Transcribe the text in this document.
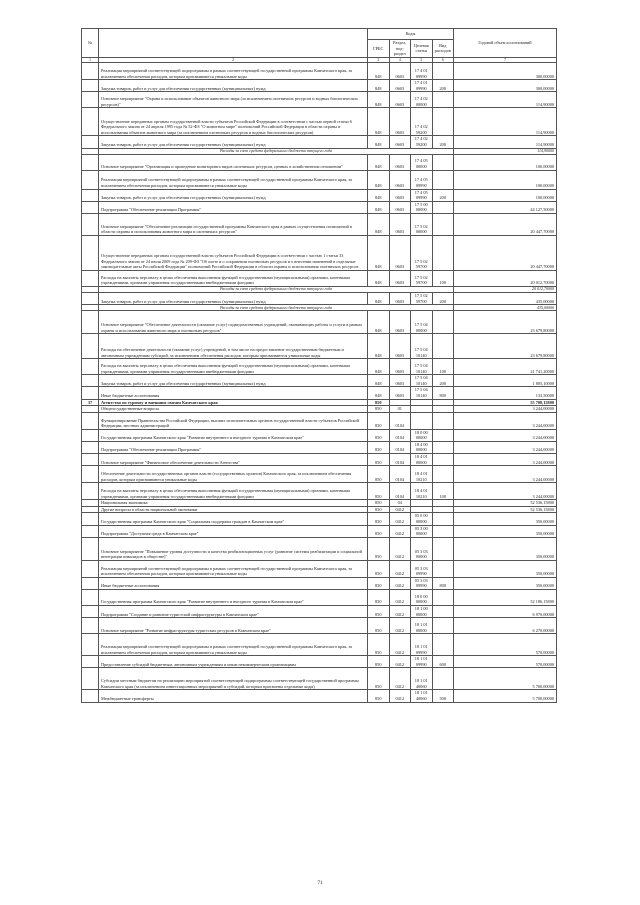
№		Коды				Годовой объем ассигнований
		ГРБС	Раздел, под-раздел	Целевая статья	Вид расходов	
1	2	3	4	5	6	7
	Реализация мероприятий соответствующей подпрограммы в рамках соответствующей государственной программы Камчатского края, за исключением обеспечения расходов, которым присваиваются уникальные коды	848	0603	17 4 01 09990		300,00000
	Закупка товаров, работ и услуг для обеспечения государственных (муниципальных) нужд	848	0603	17 4 01 09990	200	300,00000
	Основное мероприятие "Охрана и использование объектов животного мира (за исключением охотничьих ресурсов и водных биологических ресурсов)"	848	0603	17 4 02 00000		114,90000
	Осуществление переданных органам государственной власти субъектов Российской Федерации в соответствии с частью первой статьи 6 Федерального закона от 24 апреля 1995 года № 52-ФЗ "О животном мире" полномочий Российской Федерации в области охраны и использования объектов животного мира (за исключением охотничьих ресурсов и водных биологических ресурсов)	848	0603	17 4 02 59200		114,90000
	Закупка товаров, работ и услуг для обеспечения государственных (муниципальных) нужд	848	0603	17 4 02 59200	200	114,90000
	Расходы за счет средств федерального бюджета текущего года					114,90000
	Основное мероприятие "Организация и проведение мониторинга видов охотничьих ресурсов, ценных в хозяйственном отношении"	848	0603	17 4 05 00000		100,00000
	Реализация мероприятий соответствующей подпрограммы в рамках соответствующей государственной программы Камчатского края, за исключением обеспечения расходов, которым присваиваются уникальные коды	848	0603	17 4 05 09990		100,00000
	Закупка товаров, работ и услуг для обеспечения государственных (муниципальных) нужд	848	0603	17 4 05 09990	200	100,00000
	Подпрограмма "Обеспечение реализации Программы"	848	0603	17 5 00 00000		44 127,50000
	Основное мероприятие "Обеспечение реализации государственной программы Камчатского края в рамках осуществления полномочий в области охраны и использования животного мира и охотничьих ресурсов"	848	0603	17 5 02 00000		20 447,70000
	Осуществление переданных органам государственной власти субъектов Российской Федерации в соответствии с частью 1 статьи 33 Федерального закона от 24 июля 2009 года № 209-ФЗ "Об охоте и о сохранении охотничьих ресурсов и о внесении изменений в отдельные законодательные акты Российской Федерации" полномочий Российской Федерации в области охраны и использования охотничьих ресурсов	848	0603	17 5 02 59700		20 447,70000
	Расходы на выплаты персоналу в целях обеспечения выполнения функций государственными (муниципальными) органами, казенными учреждениями, органами управления государственными внебюджетными фондами	848	0603	17 5 02 59700	100	20 012,70000
	Расходы за счет средств федерального бюджета текущего года					20 012,70000
	Закупка товаров, работ и услуг для обеспечения государственных (муниципальных) нужд	848	0603	17 5 02 59700	200	435,00000
	Расходы за счет средств федерального бюджета текущего года					435,00000
	Основное мероприятие "Обеспечение деятельности (оказание услуг) подведомственных учреждений, оказывающих работы и услуги в рамках охраны и использования животного мира и охотничьих ресурсов"	848	0603	17 5 04 00000		23 679,80000
	Расходы на обеспечение деятельности (оказание услуг) учреждений, в том числе на предоставление государственным бюджетным и автономным учреждениям субсидий, за исключением обеспечения расходов, которым присваиваются уникальные коды	848	0603	17 5 04 10140		23 679,80000
	Расходы на выплаты персоналу в целях обеспечения выполнения функций государственными (муниципальными) органами, казенными учреждениями, органами управления государственными внебюджетными фондами	848	0603	17 5 04 10140	100	21 741,20000
	Закупка товаров, работ и услуг для обеспечения государственных (муниципальных) нужд	848	0603	17 5 04 10140	200	1 805,10000
	Иные бюджетные ассигнования	848	0603	17 5 04 10140	800	133,50000
37	Агентство по туризму и внешним связям Камчатского края	850				55 700,15800
	Общегосударственные вопросы	850	01			3 244,00000
	Функционирование Правительства Российской Федерации, высших исполнительных органов государственной власти субъектов Российской Федерации, местных администраций	850	0104			3 244,00000
	Государственная программа Камчатского края "Развитие внутреннего и въездного туризма в Камчатском крае"	850	0104	18 0 00 00000		3 244,00000
	Подпрограмма "Обеспечение реализации Программы"	850	0104	18 4 00 00000		3 244,00000
	Основное мероприятие "Финансовое обеспечение деятельности Агентства"	850	0104	18 4 01 00000		3 244,00000
	Обеспечение деятельности государственных органов власти (государственных органов) Камчатского края, за исключением обеспечения расходов, которым присваиваются уникальные коды	850	0104	18 4 01 10210		3 244,00000
	Расходы на выплаты персоналу в целях обеспечения выполнения функций государственными (муниципальными) органами, казенными учреждениями, органами управления государственными внебюджетными фондами	850	0104	18 4 01 10210	100	3 244,00000
	Национальная экономика	850	04			52 536,15800
	Другие вопросы в области национальной экономики	850	0412			52 536,15800
	Государственная программа Камчатского края "Социальная поддержка граждан в Камчатском крае"	850	0412	05 0 00 00000		350,00000
	Подпрограмма "Доступная среда в Камчатском крае"	850	0412	05 3 00 00000		350,00000
	Основное мероприятие "Повышение уровня доступности и качества реабилитационных услуг (развитие системы реабилитации и социальной интеграции инвалидов в обществе)"	850	0412	05 3 03 00000		350,00000
	Реализация мероприятий соответствующей подпрограммы в рамках соответствующей государственной программы Камчатского края, за исключением обеспечения расходов, которым присваиваются уникальные коды	850	0412	05 3 03 09990		350,00000
	Иные бюджетные ассигнования	850	0412	05 3 03 09990	800	350,00000
	Государственная программа Камчатского края "Развитие внутреннего и въездного туризма в Камчатском крае"	850	0412	18 0 00 00000		52 186,15800
	Подпрограмма "Создание и развитие туристской инфраструктуры в Камчатском крае"	850	0412	18 1 00 00000		6 970,00000
	Основное мероприятие "Развитие инфраструктуры туристских ресурсов в Камчатском крае"	850	0412	18 1 01 00000		6 270,00000
	Реализация мероприятий соответствующей подпрограммы в рамках соответствующей государственной программы Камчатского края, за исключением обеспечения расходов, которым присваиваются уникальные коды	850	0412	18 1 01 09990		570,00000
	Предоставление субсидий бюджетным, автономным учреждениям и иным некоммерческим организациям	850	0412	18 1 01 09990	600	570,00000
	Субсидии местным бюджетам на реализацию мероприятий соответствующей подпрограммы соответствующей государственной программы Камчатского края (за исключением инвестиционных мероприятий и субсидий, которым присвоены отдельные коды)	850	0412	18 1 01 40060		5 700,00000
	Межбюджетные трансферты	850	0412	18 1 01 40060	500	5 700,00000
71
